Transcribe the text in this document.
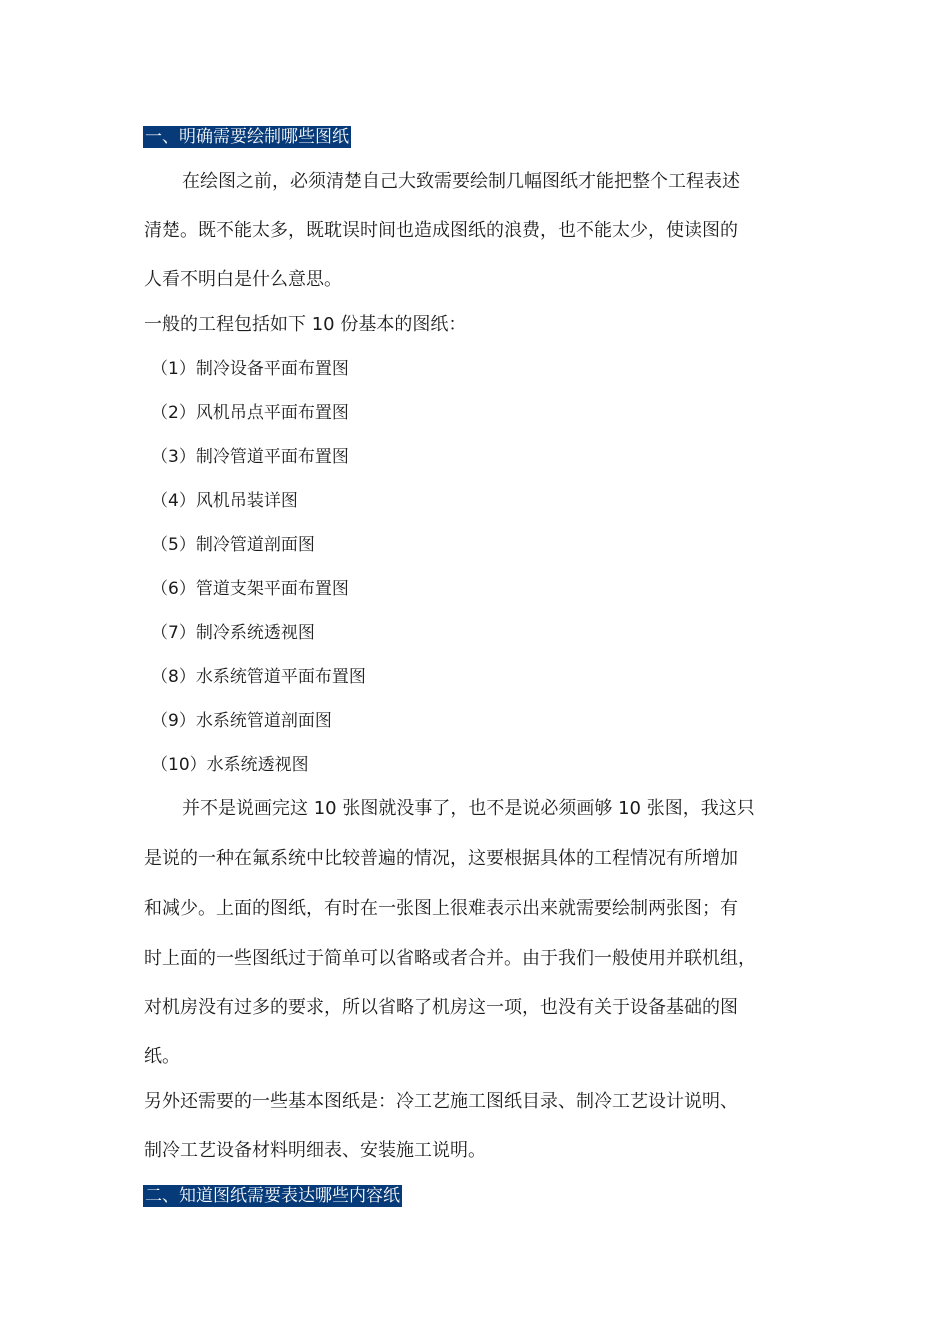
一、明确需要绘制哪些图纸
在绘图之前，必须清楚自己大致需要绘制几幅图纸才能把整个工程表述
清楚。既不能太多，既耽误时间也造成图纸的浪费，也不能太少，使读图的
人看不明白是什么意思。
一般的工程包括如下 10 份基本的图纸：
（1）制冷设备平面布置图
（2）风机吊点平面布置图
（3）制冷管道平面布置图
（4）风机吊装详图
（5）制冷管道剖面图
（6）管道支架平面布置图
（7）制冷系统透视图
（8）水系统管道平面布置图
（9）水系统管道剖面图
（10）水系统透视图
并不是说画完这 10 张图就没事了，也不是说必须画够 10 张图，我这只
是说的一种在氟系统中比较普遍的情况，这要根据具体的工程情况有所增加
和减少。上面的图纸，有时在一张图上很难表示出来就需要绘制两张图；有
时上面的一些图纸过于简单可以省略或者合并。由于我们一般使用并联机组，
对机房没有过多的要求，所以省略了机房这一项，也没有关于设备基础的图
纸。
另外还需要的一些基本图纸是：冷工艺施工图纸目录、制冷工艺设计说明、
制冷工艺设备材料明细表、安装施工说明。
二、知道图纸需要表达哪些内容纸
